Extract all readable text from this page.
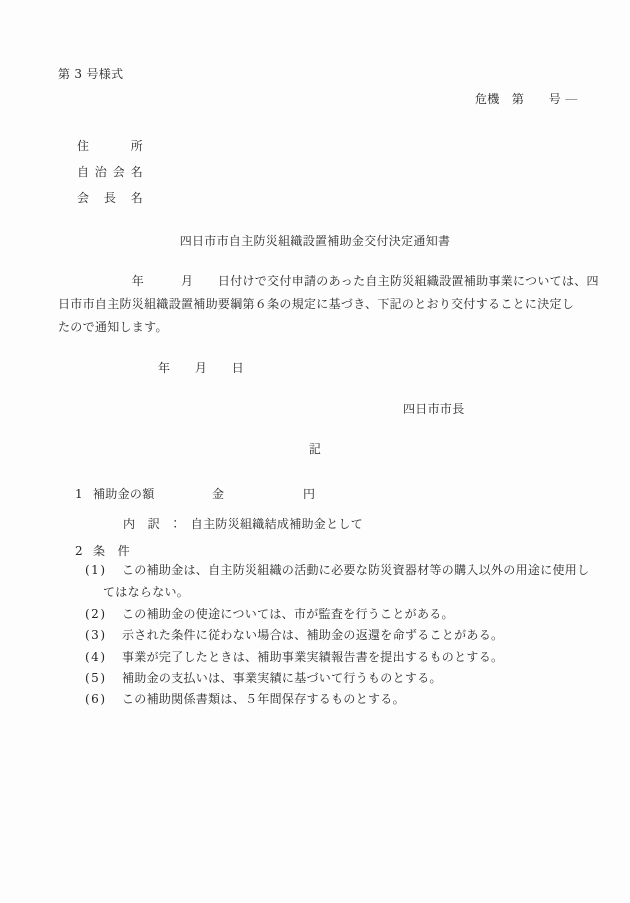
第 3 号様式
危機　第　　号 ―
住所
自治会名
会長名
四日市市自主防災組織設置補助金交付決定通知書
　　　　　　年　　　月　　日付けで交付申請のあった自主防災組織設置補助事業については、四
日市市自主防災組織設置補助要綱第６条の規定に基づき、下記のとおり交付することに決定し
たので通知します。
年　　月　　日
四日市市長
記
1 補助金の額	金	円
内　訳　：　自主防災組織結成補助金として
2 条　件
(1) この補助金は、自主防災組織の活動に必要な防災資器材等の購入以外の用途に使用し
てはならない。
(2) この補助金の使途については、市が監査を行うことがある。
(3) 示された条件に従わない場合は、補助金の返還を命ずることがある。
(4) 事業が完了したときは、補助事業実績報告書を提出するものとする。
(5) 補助金の支払いは、事業実績に基づいて行うものとする。
(6) この補助関係書類は、５年間保存するものとする。
